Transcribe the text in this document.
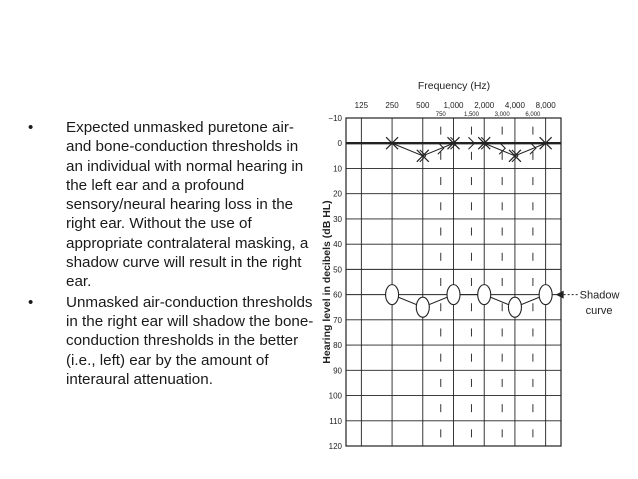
• Expected unmasked puretone air- and bone-conduction thresholds in an individual with normal hearing in the left ear and a profound sensory/neural hearing loss in the right ear. Without the use of appropriate contralateral masking, a shadow curve will result in the right ear.
• Unmasked air-conduction thresholds in the right ear will shadow the bone-conduction thresholds in the better (i.e., left) ear by the amount of interaural attenuation.
Frequency (Hz)
Hearing level in decibels (dB HL)
−10
0
10
20
30
40
50
60
70
80
90
100
110
120
125 250 500 1,000 2,000 4,000 8,000
750	1,500	3,000	6,000
Shadow
curve
